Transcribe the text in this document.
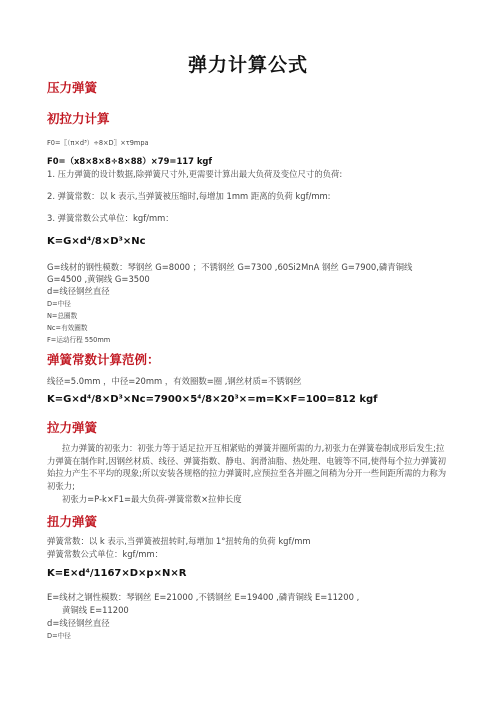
弹力计算公式
压力弹簧
初拉力计算
F0=〖（π×d³）÷8×D〗×τ9mpa
F0=（x8×8×8÷8×88）×79=117 kgf
1. 压力弹簧的设计数据,除弹簧尺寸外,更需要计算出最大负荷及变位尺寸的负荷:
2. 弹簧常数：以 k 表示,当弹簧被压缩时,每增加 1mm 距离的负荷 kgf/mm:
3. 弹簧常数公式单位：kgf/mm：
K=G×d⁴/8×D³×Nc
G=线材的钢性模数：琴钢丝 G=8000 ；不锈钢丝 G=7300 ,60Si2MnA 钢丝 G=7900,磷青铜线
G=4500 ,黄铜线 G=3500
d=线径钢丝直径
D=中径
N=总圈数
Nc=有效圈数
F=运动行程 550mm
弹簧常数计算范例：
线径=5.0mm ，中径=20mm ，有效圈数=圈 ,钢丝材质=不锈钢丝
K=G×d⁴/8×D³×Nc=7900×5⁴/8×20³×=m=K×F=100=812 kgf
拉力弹簧
拉力弹簧的初张力：初张力等于适足拉开互相紧贴的弹簧并圈所需的力,初张力在弹簧卷制成形后发生;拉力弹簧在制作时,因钢丝材质、线径、弹簧指数、静电、润滑油脂、热处理、电镀等不同,使得每个拉力弹簧初始拉力产生不平均的现象;所以安装各规格的拉力弹簧时,应预拉至各并圈之间稍为分开一些间距所需的力称为初张力;
初张力=P-k×F1=最大负荷-弹簧常数×拉伸长度
扭力弹簧
弹簧常数：以 k 表示,当弹簧被扭转时,每增加 1°扭转角的负荷 kgf/mm
弹簧常数公式单位：kgf/mm：
K=E×d⁴/1167×D×p×N×R
E=线材之钢性模数：琴钢丝 E=21000 ,不锈钢丝 E=19400 ,磷青铜线 E=11200 ,
黄铜线 E=11200
d=线径钢丝直径
D=中径
